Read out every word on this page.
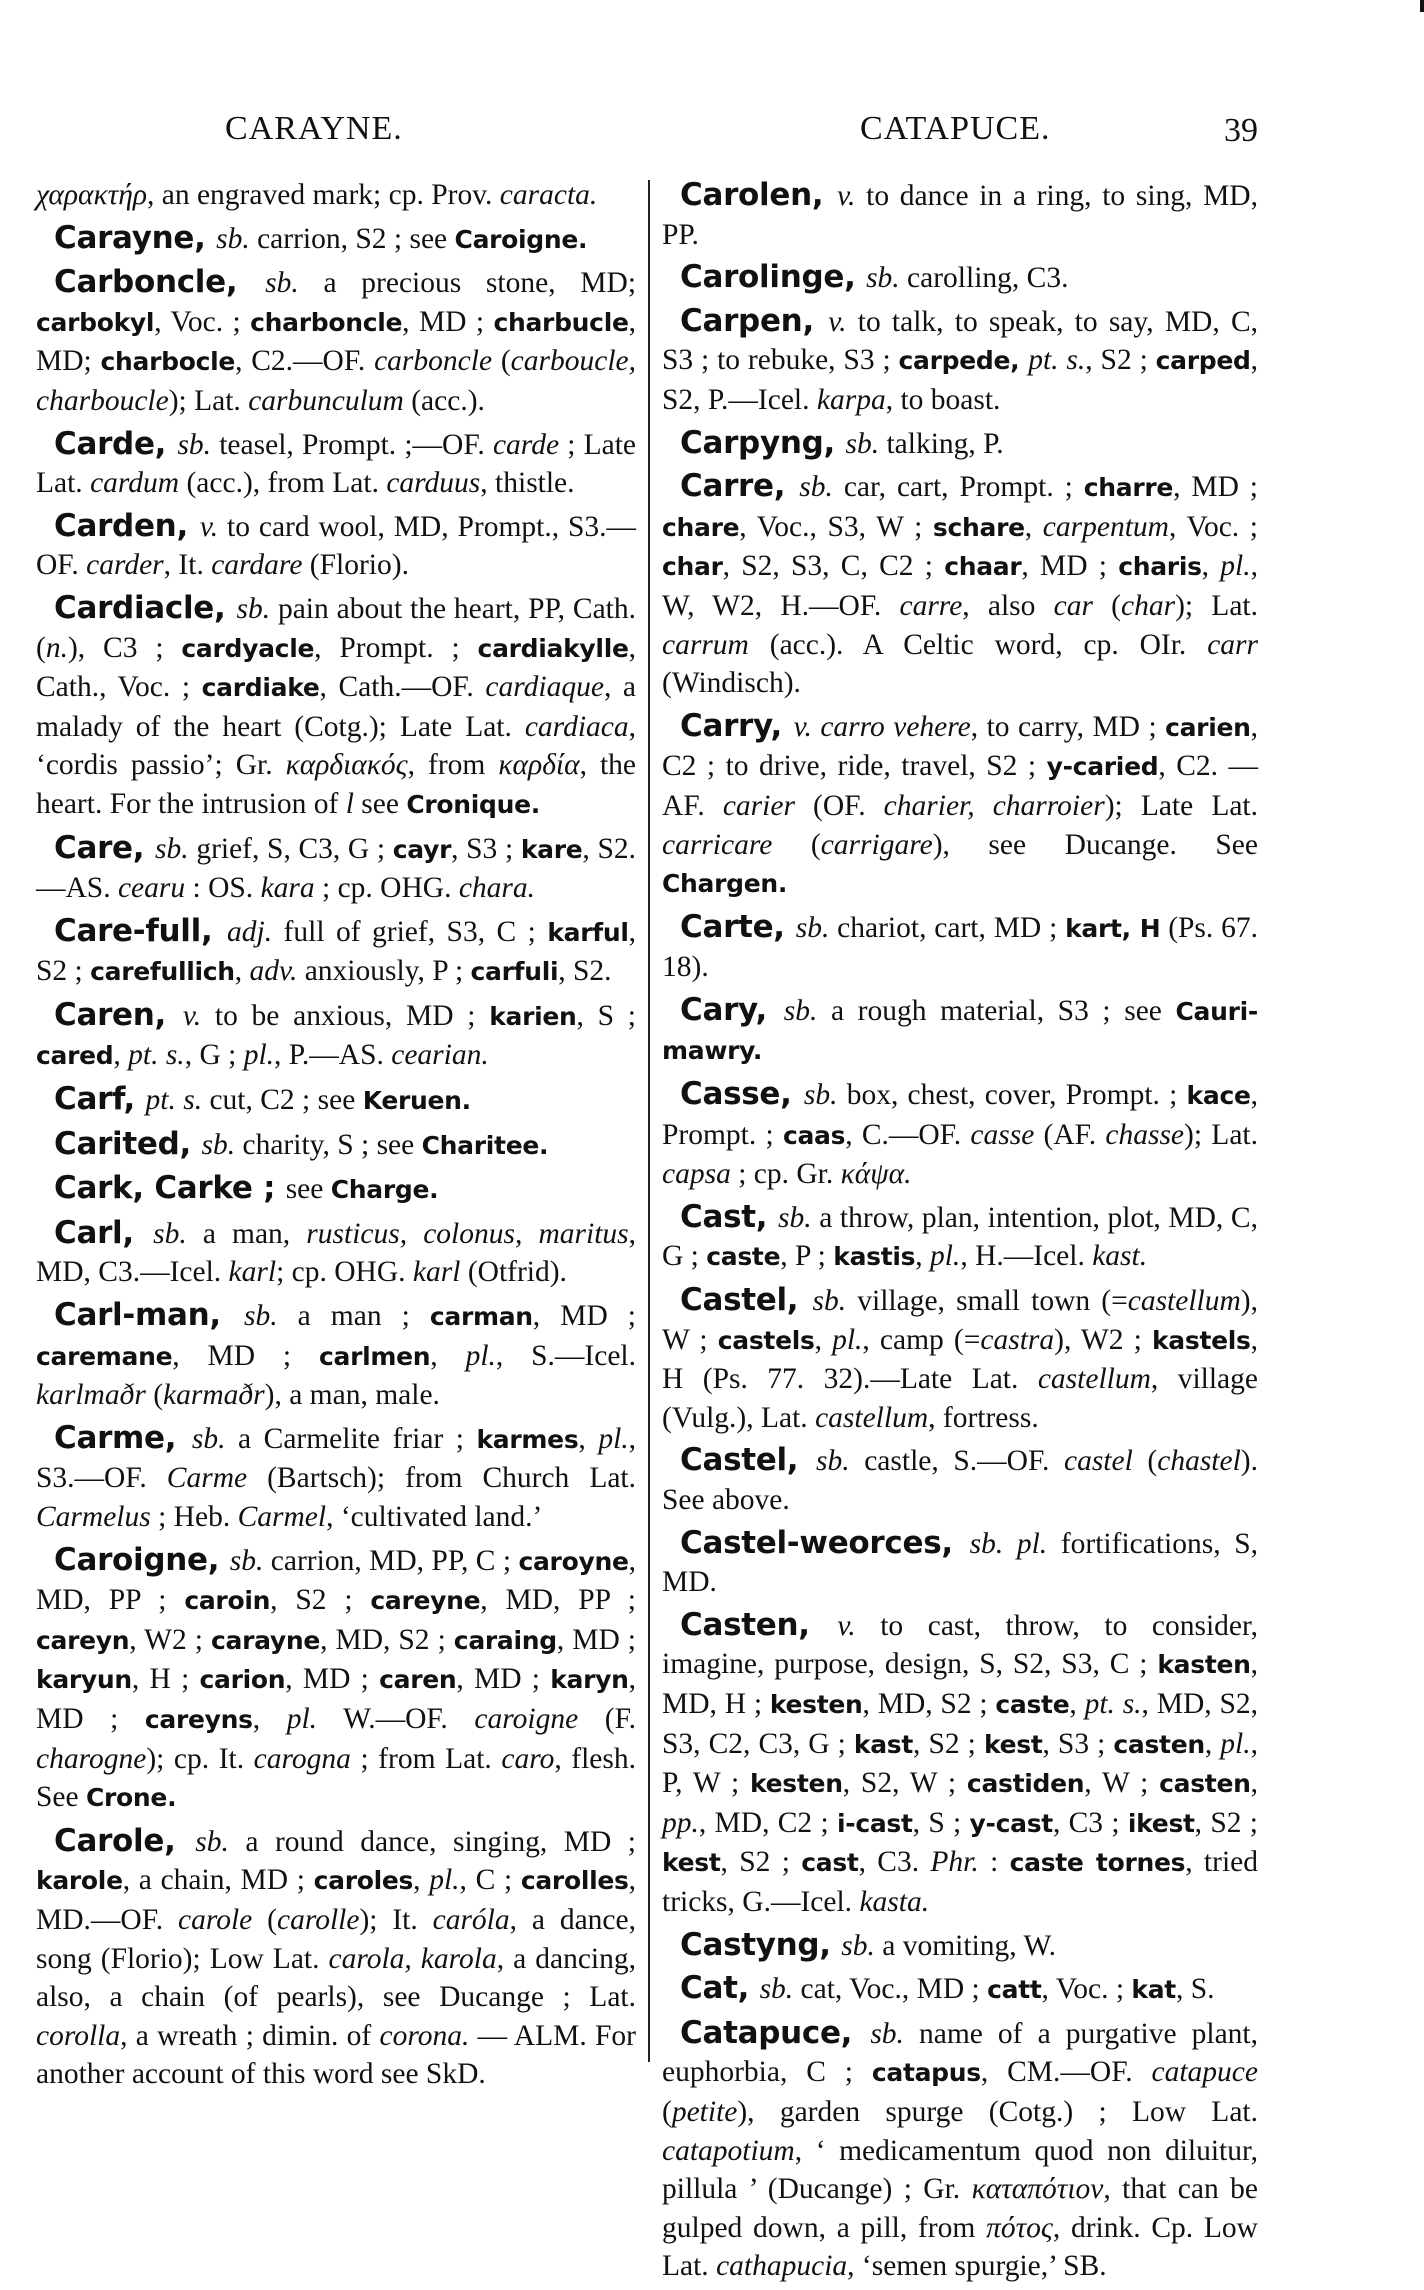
CARAYNE.	CATAPUCE.	39

χαρακτήρ, an engraved mark; cp. Prov. caracta.

Carayne, sb. carrion, S2 ; see Caroigne.

Carboncle, sb. a precious stone, MD; carbokyl, Voc. ; charboncle, MD ; charbucle, MD; charbocle, C2.—OF. carboncle (carboucle, charboucle); Lat. carbunculum (acc.).

Carde, sb. teasel, Prompt. ;—OF. carde ; Late Lat. cardum (acc.), from Lat. carduus, thistle.

Carden, v. to card wool, MD, Prompt., S3.—OF. carder, It. cardare (Florio).

Cardiacle, sb. pain about the heart, PP, Cath. (n.), C3 ; cardyacle, Prompt. ; cardiakylle, Cath., Voc. ; cardiake, Cath.—OF. cardiaque, a malady of the heart (Cotg.); Late Lat. cardiaca, ‘cordis passio’; Gr. καρδιακός, from καρδία, the heart. For the intrusion of l see Cronique.

Care, sb. grief, S, C3, G ; cayr, S3 ; kare, S2.—AS. cearu : OS. kara ; cp. OHG. chara.

Care-full, adj. full of grief, S3, C ; karful, S2 ; carefullich, adv. anxiously, P ; carfuli, S2.

Caren, v. to be anxious, MD ; karien, S ; cared, pt. s., G ; pl., P.—AS. cearian.

Carf, pt. s. cut, C2 ; see Keruen.

Carited, sb. charity, S ; see Charitee.

Cark, Carke ; see Charge.

Carl, sb. a man, rusticus, colonus, maritus, MD, C3.—Icel. karl; cp. OHG. karl (Otfrid).

Carl-man, sb. a man ; carman, MD ; caremane, MD ; carlmen, pl., S.—Icel. karlmaðr (karmaðr), a man, male.

Carme, sb. a Carmelite friar ; karmes, pl., S3.—OF. Carme (Bartsch); from Church Lat. Carmelus ; Heb. Carmel, ‘cultivated land.’

Caroigne, sb. carrion, MD, PP, C ; caroyne, MD, PP ; caroin, S2 ; careyne, MD, PP ; careyn, W2 ; carayne, MD, S2 ; caraing, MD ; karyun, H ; carion, MD ; caren, MD ; karyn, MD ; careyns, pl. W.—OF. caroigne (F. charogne); cp. It. carogna ; from Lat. caro, flesh. See Crone.

Carole, sb. a round dance, singing, MD ; karole, a chain, MD ; caroles, pl., C ; carolles, MD.—OF. carole (carolle); It. caróla, a dance, song (Florio); Low Lat. carola, karola, a dancing, also, a chain (of pearls), see Ducange ; Lat. corolla, a wreath ; dimin. of corona. — ALM. For another account of this word see SkD.

Carolen, v. to dance in a ring, to sing, MD, PP.

Carolinge, sb. carolling, C3.

Carpen, v. to talk, to speak, to say, MD, C, S3 ; to rebuke, S3 ; carpede, pt. s., S2 ; carped, S2, P.—Icel. karpa, to boast.

Carpyng, sb. talking, P.

Carre, sb. car, cart, Prompt. ; charre, MD ; chare, Voc., S3, W ; schare, carpentum, Voc. ; char, S2, S3, C, C2 ; chaar, MD ; charis, pl., W, W2, H.—OF. carre, also car (char); Lat. carrum (acc.). A Celtic word, cp. OIr. carr (Windisch).

Carry, v. carro vehere, to carry, MD ; carien, C2 ; to drive, ride, travel, S2 ; y-caried, C2. — AF. carier (OF. charier, charroier); Late Lat. carricare (carrigare), see Ducange. See Chargen.

Carte, sb. chariot, cart, MD ; kart, H (Ps. 67. 18).

Cary, sb. a rough material, S3 ; see Cauri-mawry.

Casse, sb. box, chest, cover, Prompt. ; kace, Prompt. ; caas, C.—OF. casse (AF. chasse); Lat. capsa ; cp. Gr. κάψα.

Cast, sb. a throw, plan, intention, plot, MD, C, G ; caste, P ; kastis, pl., H.—Icel. kast.

Castel, sb. village, small town (=castellum), W ; castels, pl., camp (=castra), W2 ; kastels, H (Ps. 77. 32).—Late Lat. castellum, village (Vulg.), Lat. castellum, fortress.

Castel, sb. castle, S.—OF. castel (chastel). See above.

Castel-weorces, sb. pl. fortifications, S, MD.

Casten, v. to cast, throw, to consider, imagine, purpose, design, S, S2, S3, C ; kasten, MD, H ; kesten, MD, S2 ; caste, pt. s., MD, S2, S3, C2, C3, G ; kast, S2 ; kest, S3 ; casten, pl., P, W ; kesten, S2, W ; castiden, W ; casten, pp., MD, C2 ; i-cast, S ; y-cast, C3 ; ikest, S2 ; kest, S2 ; cast, C3. Phr. : caste tornes, tried tricks, G.—Icel. kasta.

Castyng, sb. a vomiting, W.

Cat, sb. cat, Voc., MD ; catt, Voc. ; kat, S.

Catapuce, sb. name of a purgative plant, euphorbia, C ; catapus, CM.—OF. catapuce (petite), garden spurge (Cotg.) ; Low Lat. catapotium, ‘ medicamentum quod non diluitur, pillula ’ (Ducange) ; Gr. καταπότιον, that can be gulped down, a pill, from πότος, drink. Cp. Low Lat. cathapucia, ‘semen spurgie,’ SB.
